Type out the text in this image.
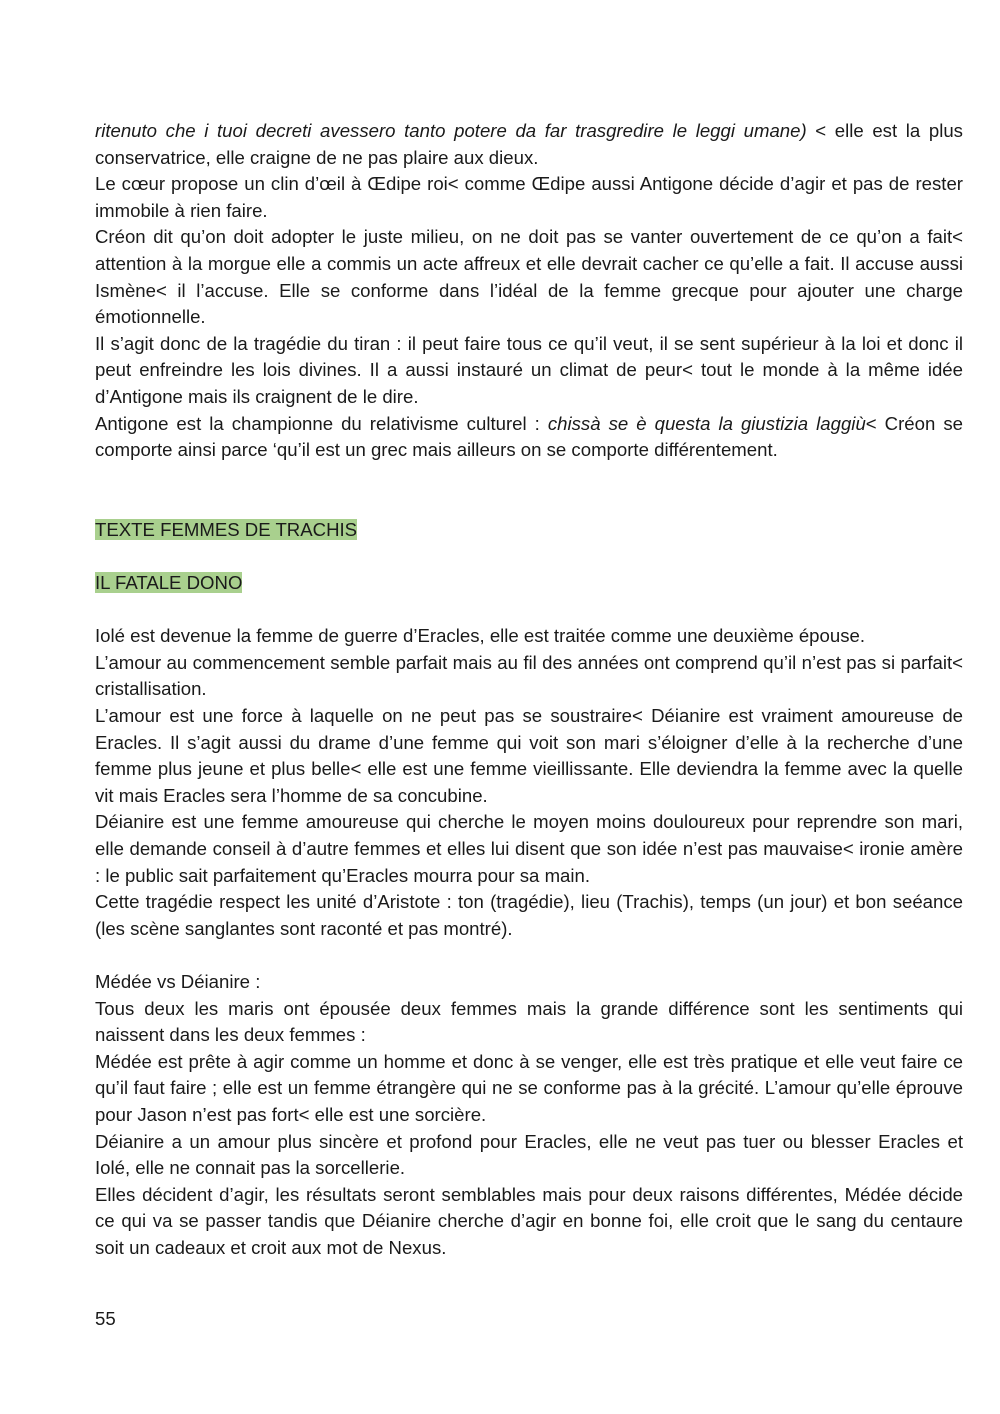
ritenuto che i tuoi decreti avessero tanto potere da far trasgredire le leggi umane) < elle est la plus conservatrice, elle craigne de ne pas plaire aux dieux.

Le cœur propose un clin d’œil à Œdipe roi< comme Œdipe aussi Antigone décide d’agir et pas de rester immobile à rien faire.

Créon dit qu’on doit adopter le juste milieu, on ne doit pas se vanter ouvertement de ce qu’on a fait< attention à la morgue elle a commis un acte affreux et elle devrait cacher ce qu’elle a fait. Il accuse aussi Ismène< il l’accuse. Elle se conforme dans l’idéal de la femme grecque pour ajouter une charge émotionnelle.

Il s’agit donc de la tragédie du tiran : il peut faire tous ce qu’il veut, il se sent supérieur à la loi et donc il peut enfreindre les lois divines. Il a aussi instauré un climat de peur< tout le monde à la même idée d’Antigone mais ils craignent de le dire.

Antigone est la championne du relativisme culturel : chissà se è questa la giustizia laggiù< Créon se comporte ainsi parce ‘qu’il est un grec mais ailleurs on se comporte différentement.

TEXTE FEMMES DE TRACHIS

IL FATALE DONO

Iolé est devenue la femme de guerre d’Eracles, elle est traitée comme une deuxième épouse.

L’amour au commencement semble parfait mais au fil des années ont comprend qu’il n’est pas si parfait< cristallisation.

L’amour est une force à laquelle on ne peut pas se soustraire< Déianire est vraiment amoureuse de Eracles. Il s’agit aussi du drame d’une femme qui voit son mari s’éloigner d’elle à la recherche d’une femme plus jeune et plus belle< elle est une femme vieillissante. Elle deviendra la femme avec la quelle vit mais Eracles sera l’homme de sa concubine.

Déianire est une femme amoureuse qui cherche le moyen moins douloureux pour reprendre son mari, elle demande conseil à d’autre femmes et elles lui disent que son idée n’est pas mauvaise< ironie amère : le public sait parfaitement qu’Eracles mourra pour sa main.

Cette tragédie respect les unité d’Aristote : ton (tragédie), lieu (Trachis), temps (un jour) et bon seéance (les scène sanglantes sont raconté et pas montré).

Médée vs Déianire :

Tous deux les maris ont épousée deux femmes mais la grande différence sont les sentiments qui naissent dans les deux femmes :

Médée est prête à agir comme un homme et donc à se venger, elle est très pratique et elle veut faire ce qu’il faut faire ; elle est un femme étrangère qui ne se conforme pas à la grécité. L’amour qu’elle éprouve pour Jason n’est pas fort< elle est une sorcière.

Déianire a un amour plus sincère et profond pour Eracles, elle ne veut pas tuer ou blesser Eracles et Iolé, elle ne connait pas la sorcellerie.

Elles décident d’agir, les résultats seront semblables mais pour deux raisons différentes, Médée décide ce qui va se passer tandis que Déianire cherche d’agir en bonne foi, elle croit que le sang du centaure soit un cadeaux et croit aux mot de Nexus.

55
